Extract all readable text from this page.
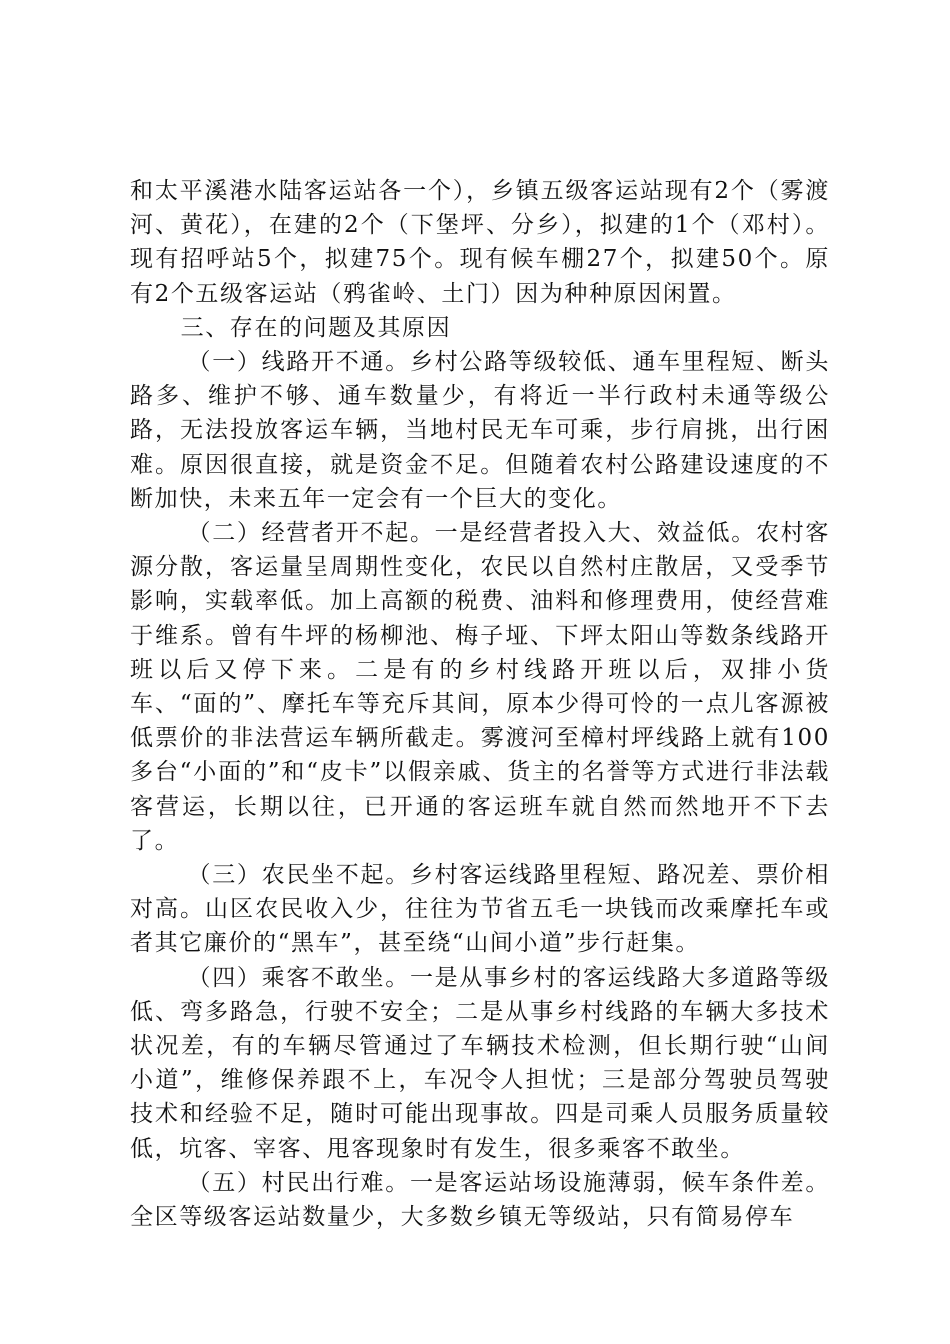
和太平溪港水陆客运站各一个），乡镇五级客运站现有2个（雾渡河、黄花），在建的2个（下堡坪、分乡），拟建的1个（邓村）。现有招呼站5个，拟建75个。现有候车棚27个，拟建50个。原有2个五级客运站（鸦雀岭、土门）因为种种原因闲置。

三、存在的问题及其原因

（一）线路开不通。乡村公路等级较低、通车里程短、断头路多、维护不够、通车数量少，有将近一半行政村未通等级公路，无法投放客运车辆，当地村民无车可乘，步行肩挑，出行困难。原因很直接，就是资金不足。但随着农村公路建设速度的不断加快，未来五年一定会有一个巨大的变化。

（二）经营者开不起。一是经营者投入大、效益低。农村客源分散，客运量呈周期性变化，农民以自然村庄散居，又受季节影响，实载率低。加上高额的税费、油料和修理费用，使经营难于维系。曾有牛坪的杨柳池、梅子垭、下坪太阳山等数条线路开班以后又停下来。二是有的乡村线路开班以后，双排小货车、“面的”、摩托车等充斥其间，原本少得可怜的一点儿客源被低票价的非法营运车辆所截走。雾渡河至樟村坪线路上就有100多台“小面的”和“皮卡”以假亲戚、货主的名誉等方式进行非法载客营运，长期以往，已开通的客运班车就自然而然地开不下去了。

（三）农民坐不起。乡村客运线路里程短、路况差、票价相对高。山区农民收入少，往往为节省五毛一块钱而改乘摩托车或者其它廉价的“黑车”，甚至绕“山间小道”步行赶集。

（四）乘客不敢坐。一是从事乡村的客运线路大多道路等级低、弯多路急，行驶不安全；二是从事乡村线路的车辆大多技术状况差，有的车辆尽管通过了车辆技术检测，但长期行驶“山间小道”，维修保养跟不上，车况令人担忧；三是部分驾驶员驾驶技术和经验不足，随时可能出现事故。四是司乘人员服务质量较低，坑客、宰客、甩客现象时有发生，很多乘客不敢坐。

（五）村民出行难。一是客运站场设施薄弱，候车条件差。全区等级客运站数量少，大多数乡镇无等级站，只有简易停车
